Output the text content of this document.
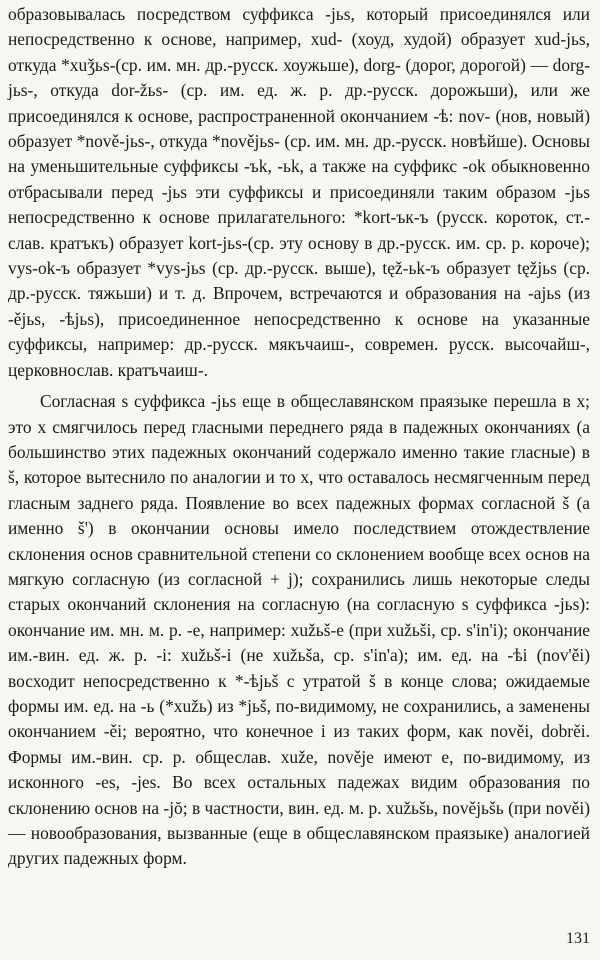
образовывалась посредством суффикса -jьs, который присоединялся или непосредственно к основе, например, xud- (хоуд, худой) образует xud-jьs, откуда *xuǯьs-(ср. им. мн. др.-русск. хоужьше), dorg- (дорог, дорогой) — dorg-jьs-, откуда dor-žьs- (ср. им. ед. ж. р. др.-русск. дорожьши), или же присоединялся к основе, распространенной окончанием -ѣ: nov- (нов, новый) образует *nově-jьs-, откуда *novějьs- (ср. им. мн. др.-русск. новѣйше). Основы на уменьшительные суффиксы -ъk, -ьk, а также на суффикс -ok обыкновенно отбрасывали перед -jьs эти суффиксы и присоединяли таким образом -jьs непосредственно к основе прилагательного: *kort-ък-ъ (русск. короток, ст.-слав. кратъкъ) образует kort-jьs-(ср. эту основу в др.-русск. им. ср. р. короче); vys-ok-ъ образует *vys-jьs (ср. др.-русск. выше), tęž-ьk-ъ образует tęžjьs (ср. др.-русск. тяжьши) и т. д. Впрочем, встречаются и образования на -ajьs (из -ějьs, -ѣjьs), присоединенное непосредственно к основе на указанные суффиксы, например: др.-русск. мякъчаиш-, современ. русск. высочайш-, церковнослав. кратъчаиш-.

Согласная s суффикса -jьs еще в общеславянском праязыке перешла в x; это x смягчилось перед гласными переднего ряда в падежных окончаниях (а большинство этих падежных окончаний содержало именно такие гласные) в š, которое вытеснило по аналогии и то x, что оставалось несмягченным перед гласным заднего ряда. Появление во всех падежных формах согласной š (а именно š') в окончании основы имело последствием отождествление склонения основ сравнительной степени со склонением вообще всех основ на мягкую согласную (из согласной + j); сохранились лишь некоторые следы старых окончаний склонения на согласную (на согласную s суффикса -jьs): окончание им. мн. м. р. -е, например: xužьš-e (при xužьši, ср. s'in'i); окончание им.-вин. ед. ж. р. -i: xužьš-i (не xužьša, ср. s'in'a); им. ед. на -ѣi (nov'ěi) восходит непосредственно к *-ѣjьš с утратой š в конце слова; ожидаемые формы им. ед. на -ь (*xužь) из *jьš, по-видимому, не сохранились, а заменены окончанием -ěi; вероятно, что конечное i из таких форм, как nověi, dobrěi. Формы им.-вин. ср. р. общеслав. xuže, novějе имеют е, по-видимому, из исконного -es, -jes. Во всех остальных падежах видим образования по склонению основ на -jŏ; в частности, вин. ед. м. р. xužьšь, novějьšь (при nověi) — новообразования, вызванные (еще в общеславянском праязыке) аналогией других падежных форм.

131
